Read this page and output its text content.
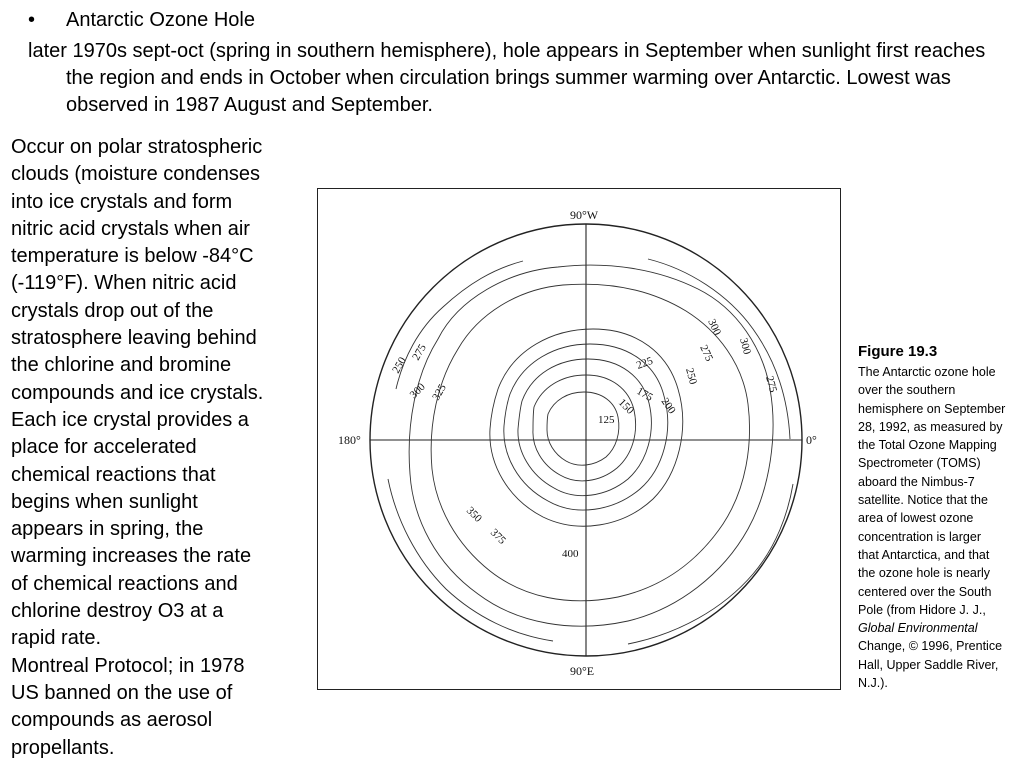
• Antarctic Ozone Hole

later 1970s sept-oct (spring in southern hemisphere), hole appears in September when sunlight first reaches the region and ends in October when circulation brings summer warming over Antarctic. Lowest was observed in 1987 August and September.

Occur on polar stratospheric
clouds (moisture condenses
into ice crystals and form
nitric acid crystals when air
temperature is below -84°C
(-119°F). When nitric acid
crystals drop out of the
stratosphere leaving behind
the chlorine and bromine
compounds and ice crystals.
Each ice crystal provides a
place for accelerated
chemical reactions that
begins when sunlight
appears in spring, the
warming increases the rate
of chemical reactions and
chlorine destroy O3 at a
rapid rate.
Montreal Protocol; in 1978
US banned on the use of
compounds as aerosol
propellants.

90°W
90°E
180°	0°
250
275
300 325
300
275
250
225
200
175
150
125
300
275
350
375
400
Figure 19.3
The Antarctic ozone hole
over the southern
hemisphere on September
28, 1992, as measured by
the Total Ozone Mapping
Spectrometer (TOMS)
aboard the Nimbus-7
satellite. Notice that the
area of lowest ozone
concentration is larger
that Antarctica, and that
the ozone hole is nearly
centered over the South
Pole (from Hidore J. J.,
Global Environmental
Change, © 1996, Prentice
Hall, Upper Saddle River,
N.J.).
